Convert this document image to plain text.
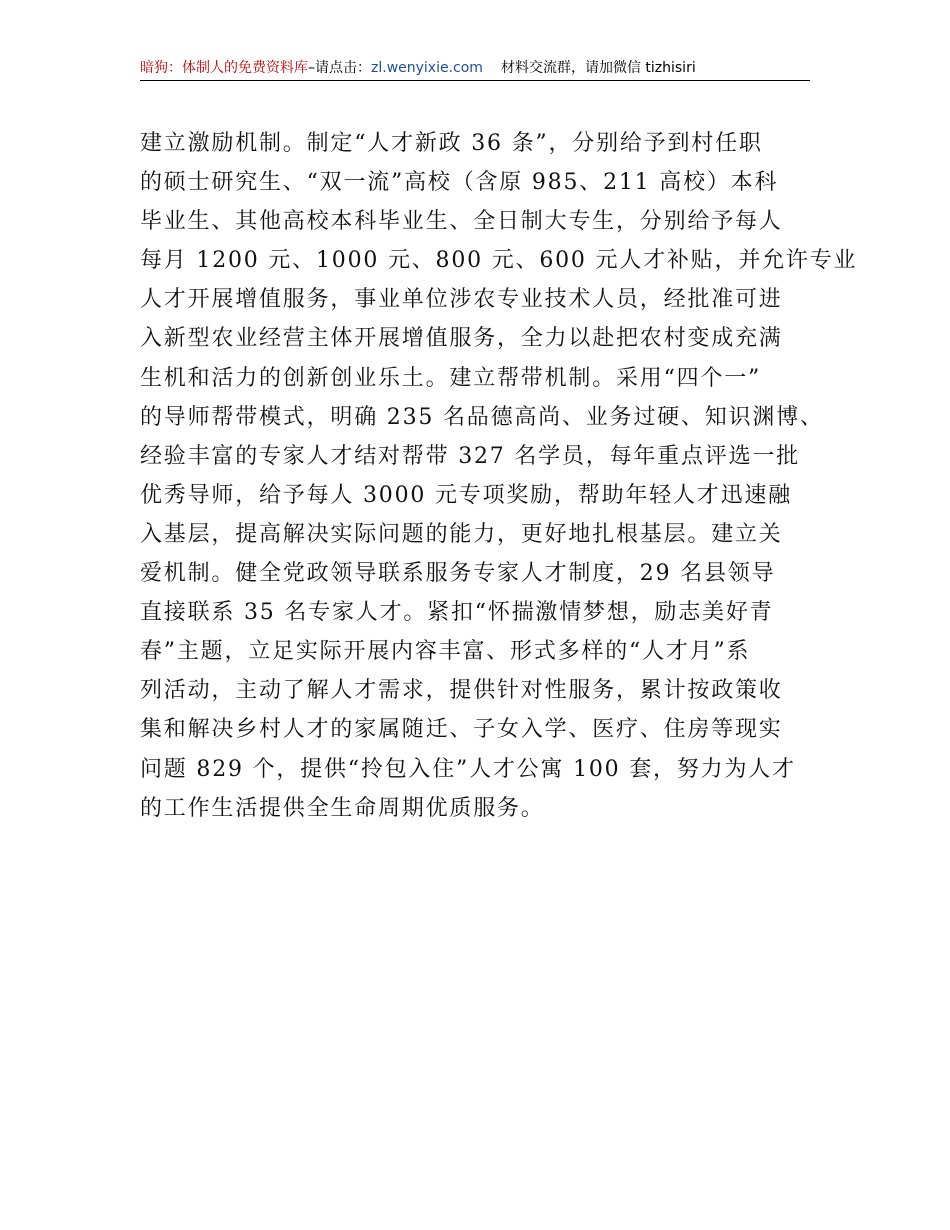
暗狗：体制人的免费资料库–请点击：zl.wenyixie.com 材料交流群，请加微信 tizhisiri
建立激励机制。制定“人才新政 36 条”，分别给予到村任职
的硕士研究生、“双一流”高校（含原 985、211 高校）本科
毕业生、其他高校本科毕业生、全日制大专生，分别给予每人
每月 1200 元、1000 元、800 元、600 元人才补贴，并允许专业
人才开展增值服务，事业单位涉农专业技术人员，经批准可进
入新型农业经营主体开展增值服务，全力以赴把农村变成充满
生机和活力的创新创业乐土。建立帮带机制。采用“四个一”
的导师帮带模式，明确 235 名品德高尚、业务过硬、知识渊博、
经验丰富的专家人才结对帮带 327 名学员，每年重点评选一批
优秀导师，给予每人 3000 元专项奖励，帮助年轻人才迅速融
入基层，提高解决实际问题的能力，更好地扎根基层。建立关
爱机制。健全党政领导联系服务专家人才制度，29 名县领导
直接联系 35 名专家人才。紧扣“怀揣激情梦想，励志美好青
春”主题，立足实际开展内容丰富、形式多样的“人才月”系
列活动，主动了解人才需求，提供针对性服务，累计按政策收
集和解决乡村人才的家属随迁、子女入学、医疗、住房等现实
问题 829 个，提供“拎包入住”人才公寓 100 套，努力为人才
的工作生活提供全生命周期优质服务。
